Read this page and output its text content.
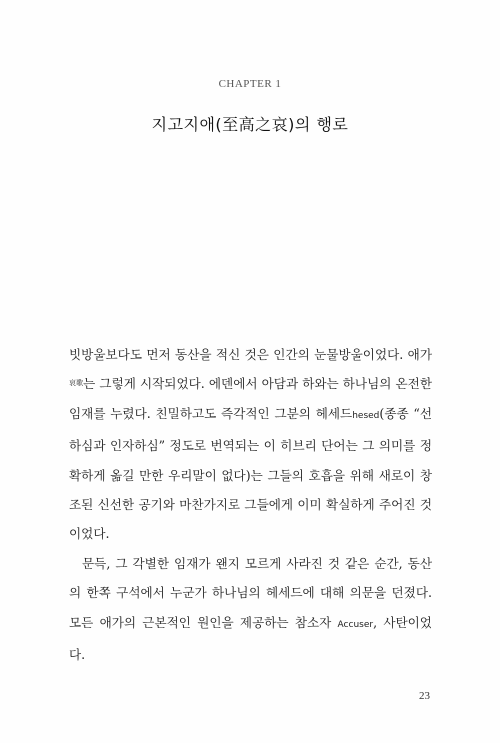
CHAPTER 1
지고지애(至高之哀)의 행로

빗방울보다도 먼저 동산을 적신 것은 인간의 눈물방울이었다. 애가$^{哀歌}$는 그렇게 시작되었다. 에덴에서 아담과 하와는 하나님의 온전한 임재를 누렸다. 친밀하고도 즉각적인 그분의 헤세드hesed(종종 “선하심과 인자하심” 정도로 번역되는 이 히브리 단어는 그 의미를 정확하게 옮길 만한 우리말이 없다)는 그들의 호흡을 위해 새로이 창조된 신선한 공기와 마찬가지로 그들에게 이미 확실하게 주어진 것이었다.

문득, 그 각별한 임재가 왠지 모르게 사라진 것 같은 순간, 동산의 한쪽 구석에서 누군가 하나님의 헤세드에 대해 의문을 던졌다. 모든 애가의 근본적인 원인을 제공하는 참소자 Accuser, 사탄이었다.

23
